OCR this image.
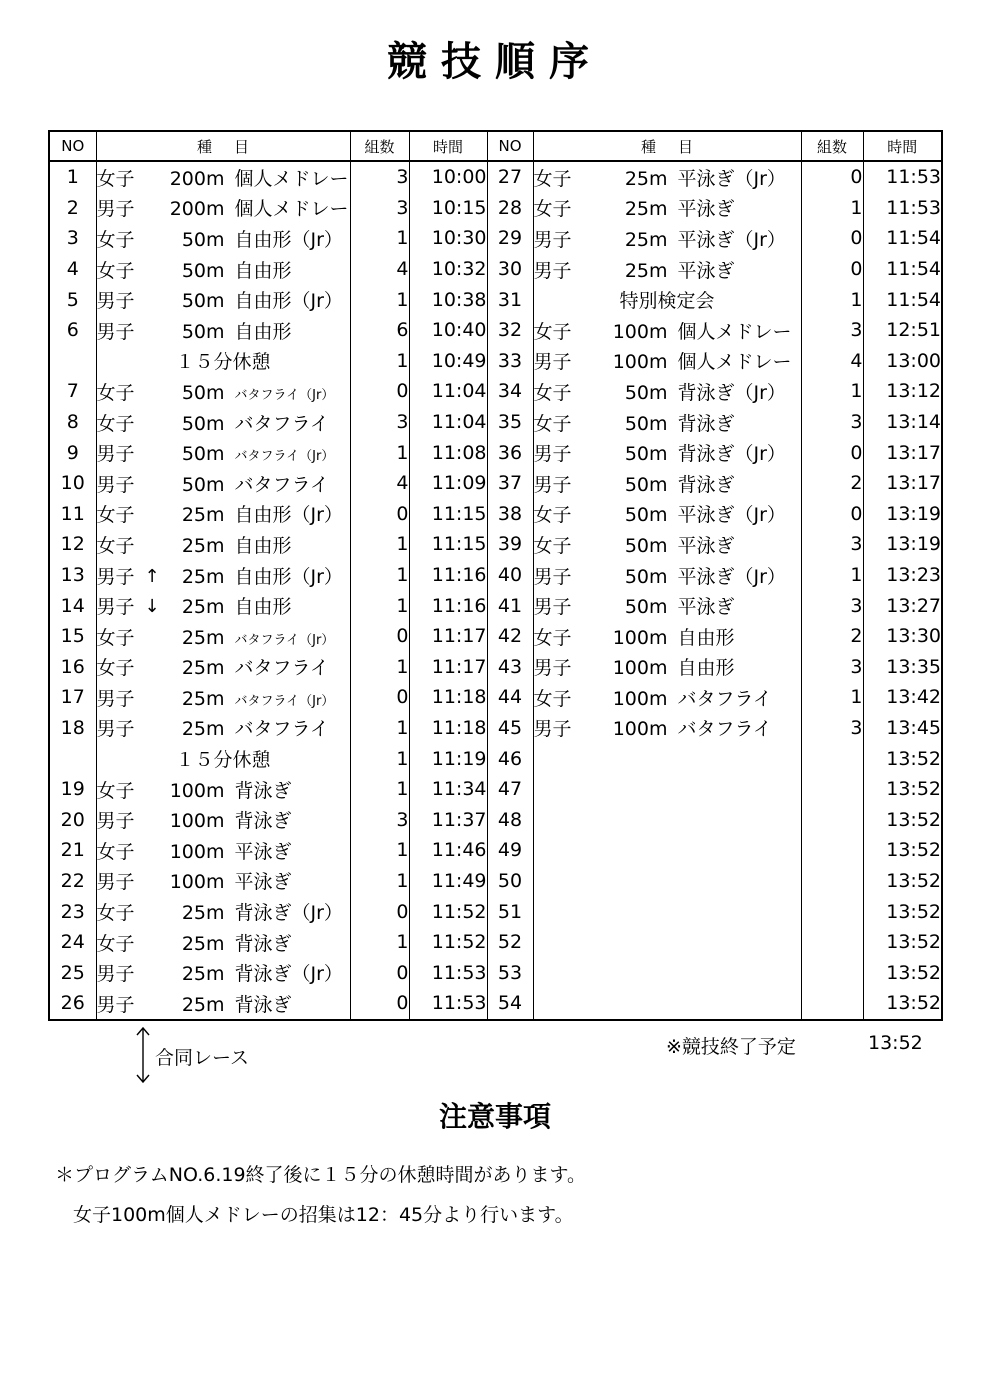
競技順序
NO	種目	組数	時間	NO	種目	組数	時間
1	女子 200m 個人メドレー	3	10:00	27	女子 25m 平泳ぎ（Jr）	0	11:53
2	男子 200m 個人メドレー	3	10:15	28	女子 25m 平泳ぎ	1	11:53
3	女子 50m 自由形（Jr）	1	10:30	29	男子 25m 平泳ぎ（Jr）	0	11:54
4	女子 50m 自由形	4	10:32	30	男子 25m 平泳ぎ	0	11:54
5	男子 50m 自由形（Jr）	1	10:38	31	特別検定会	1	11:54
6	男子 50m 自由形	6	10:40	32	女子 100m 個人メドレー	3	12:51

	１５分休憩	1	10:49	33	男子 100m 個人メドレー	4	13:00
7	女子 50m バタフライ（Jr）	0	11:04	34	女子 50m 背泳ぎ（Jr）	1	13:12
8	女子 50m バタフライ	3	11:04	35	女子 50m 背泳ぎ	3	13:14
9	男子 50m バタフライ（Jr）	1	11:08	36	男子 50m 背泳ぎ（Jr）	0	13:17
10	男子 50m バタフライ	4	11:09	37	男子 50m 背泳ぎ	2	13:17
11	女子 25m 自由形（Jr）	0	11:15	38	女子 50m 平泳ぎ（Jr）	0	13:19
12	女子 25m 自由形	1	11:15	39	女子 50m 平泳ぎ	3	13:19
13	男子 ↑ 25m 自由形（Jr）	1	11:16	40	男子 50m 平泳ぎ（Jr）	1	13:23
14	男子 ↓ 25m 自由形	1	11:16	41	男子 50m 平泳ぎ	3	13:27
15	女子 25m バタフライ（Jr）	0	11:17	42	女子 100m 自由形	2	13:30
16	女子 25m バタフライ	1	11:17	43	男子 100m 自由形	3	13:35
17	男子 25m バタフライ（Jr）	0	11:18	44	女子 100m バタフライ	1	13:42
18	男子 25m バタフライ	1	11:18	45	男子 100m バタフライ	3	13:45

	１５分休憩	1	11:19	46			13:52
19	女子 100m 背泳ぎ	1	11:34	47			13:52
20	男子 100m 背泳ぎ	3	11:37	48			13:52
21	女子 100m 平泳ぎ	1	11:46	49			13:52
22	男子 100m 平泳ぎ	1	11:49	50			13:52
23	女子 25m 背泳ぎ（Jr）	0	11:52	51			13:52
24	女子 25m 背泳ぎ	1	11:52	52			13:52
25	男子 25m 背泳ぎ（Jr）	0	11:53	53			13:52
26	男子 25m 背泳ぎ	0	11:53	54			13:52
合同レース	※競技終了予定	13:52
注意事項
＊プログラムNO.6.19終了後に１５分の休憩時間があります。
女子100m個人メドレーの招集は12：45分より行います。
